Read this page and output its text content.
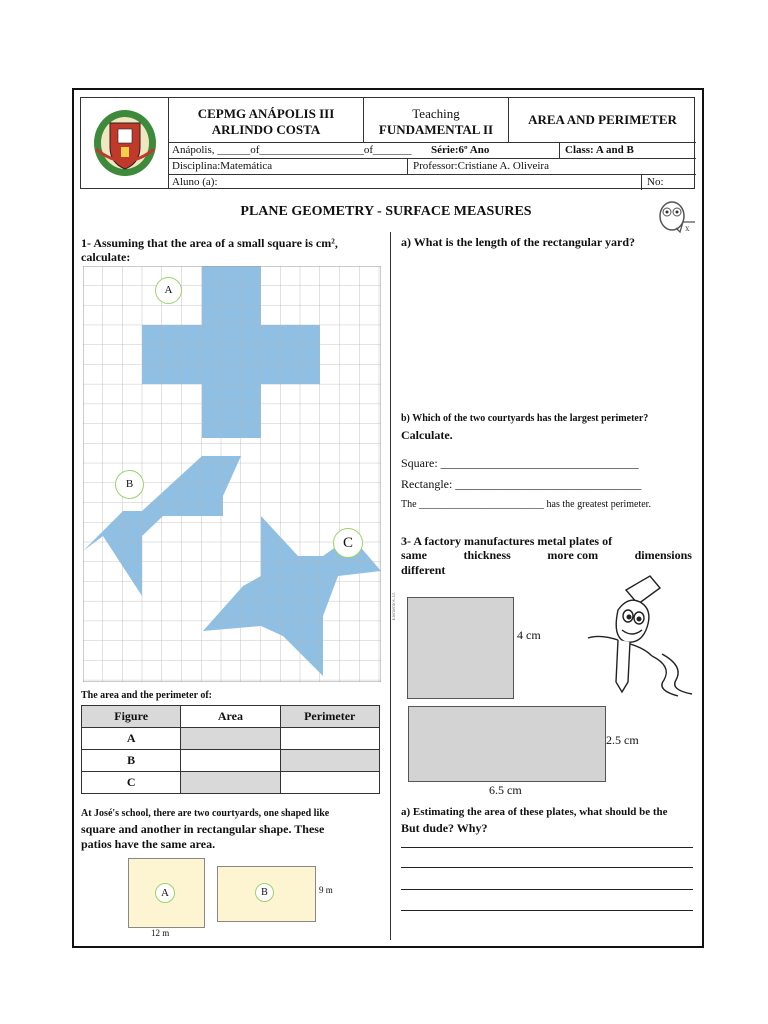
CEPMG ANÁPOLIS III
ARLINDO COSTA
Teaching
FUNDAMENTAL II
AREA AND PERIMETER
Anápolis, ______of___________________of_______ Série:6º Ano	Class: A and B
Disciplina:Matemática	Professor:Cristiane A. Oliveira
Aluno (a):	No:
PLANE GEOMETRY - SURFACE MEASURES
x
1- Assuming that the area of a small square is cm²,
calculate:
A
B
C
The area and the perimeter of:
Figure	Area	Perimeter
A		
B		
C		
At José's school, there are two courtyards, one shaped like
square and another in rectangular shape. These
patios have the same area.
A
12 m
B	9 m
a) What is the length of the rectangular yard?
b) Which of the two courtyards has the largest perimeter?
Calculate.
Square: _________________________________
Rectangle: _______________________________
The _________________________ has the greatest perimeter.
3- A factory manufactures metal plates of
same	thickness	more com	dimensions
different
Elementos. D.
4 cm
2.5 cm
6.5 cm
a) Estimating the area of these plates, what should be the
But dude? Why?
